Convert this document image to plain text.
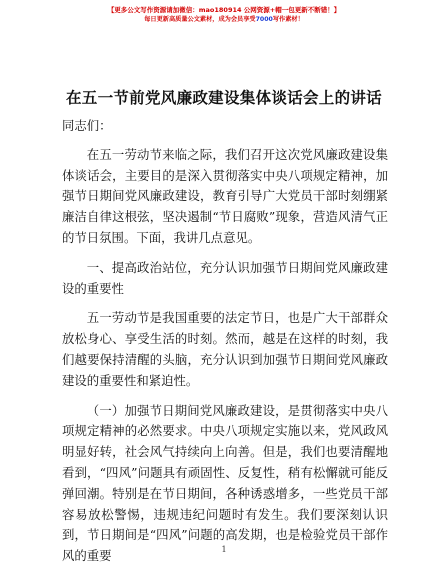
【更多公文写作资源请加微信：mao180914 公网资源+帽一包更新不断错！】
每日更新高质量公文素材，成为会员享受7000写作素材！
在五一节前党风廉政建设集体谈话会上的讲话

同志们：

在五一劳动节来临之际，我们召开这次党风廉政建设集体谈话会，主要目的是深入贯彻落实中央八项规定精神，加强节日期间党风廉政建设，教育引导广大党员干部时刻绷紧廉洁自律这根弦，坚决遏制“节日腐败”现象，营造风清气正的节日氛围。下面，我讲几点意见。

一、提高政治站位，充分认识加强节日期间党风廉政建设的重要性

五一劳动节是我国重要的法定节日，也是广大干部群众放松身心、享受生活的时刻。然而，越是在这样的时刻，我们越要保持清醒的头脑，充分认识到加强节日期间党风廉政建设的重要性和紧迫性。

（一）加强节日期间党风廉政建设，是贯彻落实中央八项规定精神的必然要求。中央八项规定实施以来，党风政风明显好转，社会风气持续向上向善。但是，我们也要清醒地看到，“四风”问题具有顽固性、反复性，稍有松懈就可能反弹回潮。特别是在节日期间，各种诱惑增多，一些党员干部容易放松警惕，违规违纪问题时有发生。我们要深刻认识到，节日期间是“四风”问题的高发期，也是检验党员干部作风的重要	1
